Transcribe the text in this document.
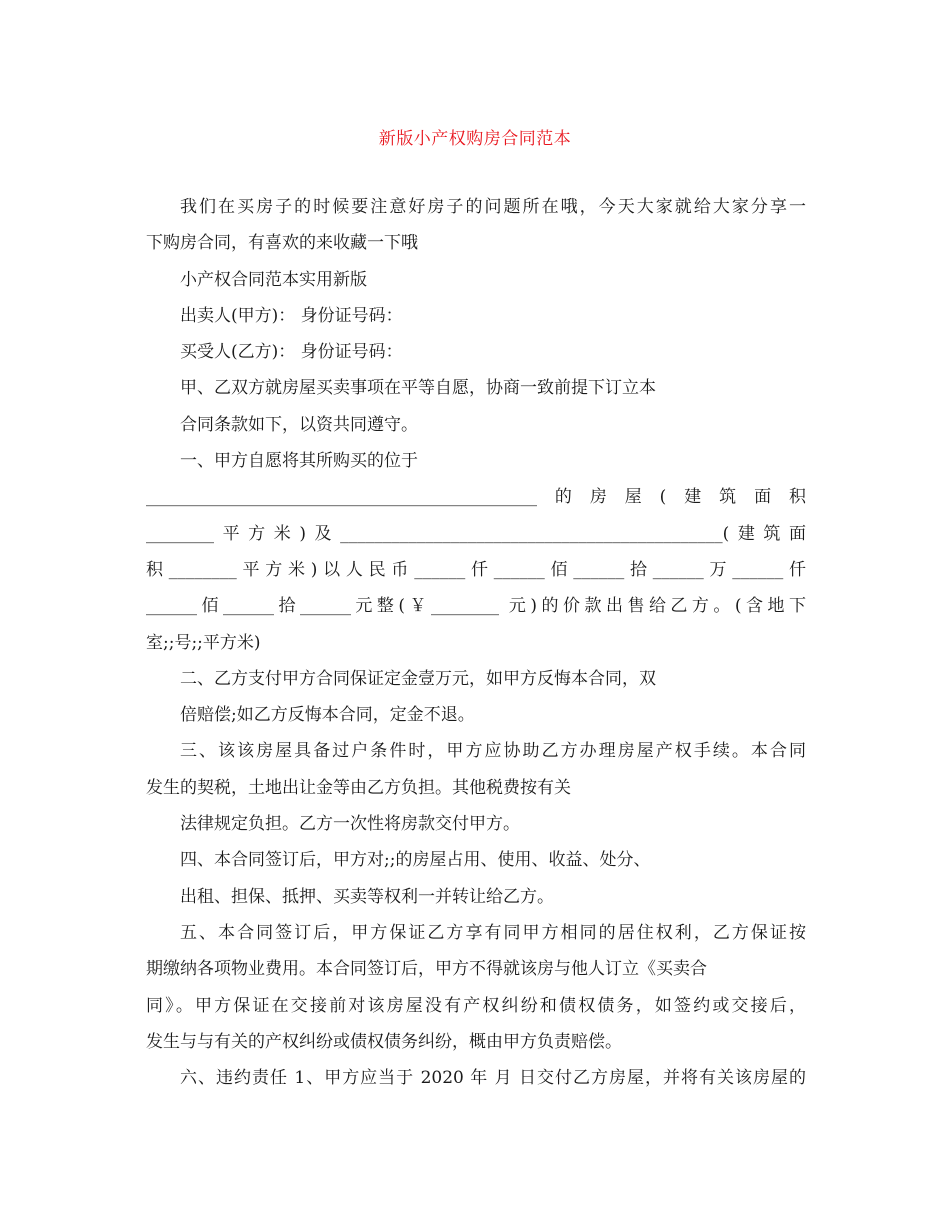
新版小产权购房合同范本
我们在买房子的时候要注意好房子的问题所在哦，今天大家就给大家分享一
下购房合同，有喜欢的来收藏一下哦
小产权合同范本实用新版
出卖人(甲方)： 身份证号码：
买受人(乙方)： 身份证号码：
甲、乙双方就房屋买卖事项在平等自愿，协商一致前提下订立本
合同条款如下，以资共同遵守。
一、甲方自愿将其所购买的位于
______________________________________________的房屋(建筑面积
________平方米)及_____________________________________________(建筑面
积________平方米)以人民币______仟______佰______拾______万______仟
______佰______拾______元整(￥________ 元)的价款出售给乙方。(含地下
室;;号;;平方米)
二、乙方支付甲方合同保证定金壹万元，如甲方反悔本合同，双
倍赔偿;如乙方反悔本合同，定金不退。
三、该该房屋具备过户条件时，甲方应协助乙方办理房屋产权手续。本合同
发生的契税，土地出让金等由乙方负担。其他税费按有关
法律规定负担。乙方一次性将房款交付甲方。
四、本合同签订后，甲方对;;的房屋占用、使用、收益、处分、
出租、担保、抵押、买卖等权利一并转让给乙方。
五、本合同签订后，甲方保证乙方享有同甲方相同的居住权利，乙方保证按
期缴纳各项物业费用。本合同签订后，甲方不得就该房与他人订立《买卖合
同》。甲方保证在交接前对该房屋没有产权纠纷和债权债务，如签约或交接后，
发生与与有关的产权纠纷或债权债务纠纷，概由甲方负责赔偿。
六、违约责任 1、甲方应当于 2020 年 月 日交付乙方房屋，并将有关该房屋的
